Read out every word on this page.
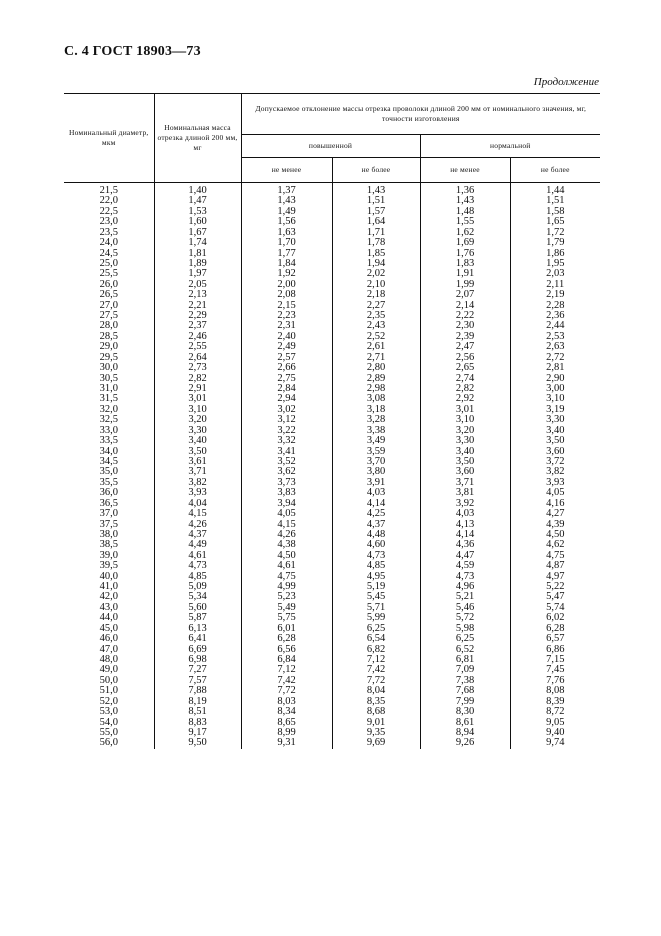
С. 4 ГОСТ 18903—73
Продолжение
Номинальный диаметр, мкм	Номинальная масса отрезка длиной 200 мм, мг	Допускаемое отклонение массы отрезка проволоки длиной 200 мм от номинального значения, мг, точности изготовления			
		повышенной		нормальной	
		не менее	не более	не менее	не более
21,5	1,40	1,37	1,43	1,36	1,44
22,0	1,47	1,43	1,51	1,43	1,51
22,5	1,53	1,49	1,57	1,48	1,58
23,0	1,60	1,56	1,64	1,55	1,65
23,5	1,67	1,63	1,71	1,62	1,72
24,0	1,74	1,70	1,78	1,69	1,79
24,5	1,81	1,77	1,85	1,76	1,86
25,0	1,89	1,84	1,94	1,83	1,95
25,5	1,97	1,92	2,02	1,91	2,03
26,0	2,05	2,00	2,10	1,99	2,11
26,5	2,13	2,08	2,18	2,07	2,19
27,0	2,21	2,15	2,27	2,14	2,28
27,5	2,29	2,23	2,35	2,22	2,36
28,0	2,37	2,31	2,43	2,30	2,44
28,5	2,46	2,40	2,52	2,39	2,53
29,0	2,55	2,49	2,61	2,47	2,63
29,5	2,64	2,57	2,71	2,56	2,72
30,0	2,73	2,66	2,80	2,65	2,81
30,5	2,82	2,75	2,89	2,74	2,90
31,0	2,91	2,84	2,98	2,82	3,00
31,5	3,01	2,94	3,08	2,92	3,10
32,0	3,10	3,02	3,18	3,01	3,19
32,5	3,20	3,12	3,28	3,10	3,30
33,0	3,30	3,22	3,38	3,20	3,40
33,5	3,40	3,32	3,49	3,30	3,50
34,0	3,50	3,41	3,59	3,40	3,60
34,5	3,61	3,52	3,70	3,50	3,72
35,0	3,71	3,62	3,80	3,60	3,82
35,5	3,82	3,73	3,91	3,71	3,93
36,0	3,93	3,83	4,03	3,81	4,05
36,5	4,04	3,94	4,14	3,92	4,16
37,0	4,15	4,05	4,25	4,03	4,27
37,5	4,26	4,15	4,37	4,13	4,39
38,0	4,37	4,26	4,48	4,14	4,50
38,5	4,49	4,38	4,60	4,36	4,62
39,0	4,61	4,50	4,73	4,47	4,75
39,5	4,73	4,61	4,85	4,59	4,87
40,0	4,85	4,75	4,95	4,73	4,97
41,0	5,09	4,99	5,19	4,96	5,22
42,0	5,34	5,23	5,45	5,21	5,47
43,0	5,60	5,49	5,71	5,46	5,74
44,0	5,87	5,75	5,99	5,72	6,02
45,0	6,13	6,01	6,25	5,98	6,28
46,0	6,41	6,28	6,54	6,25	6,57
47,0	6,69	6,56	6,82	6,52	6,86
48,0	6,98	6,84	7,12	6,81	7,15
49,0	7,27	7,12	7,42	7,09	7,45
50,0	7,57	7,42	7,72	7,38	7,76
51,0	7,88	7,72	8,04	7,68	8,08
52,0	8,19	8,03	8,35	7,99	8,39
53,0	8,51	8,34	8,68	8,30	8,72
54,0	8,83	8,65	9,01	8,61	9,05
55,0	9,17	8,99	9,35	8,94	9,40
56,0	9,50	9,31	9,69	9,26	9,74
